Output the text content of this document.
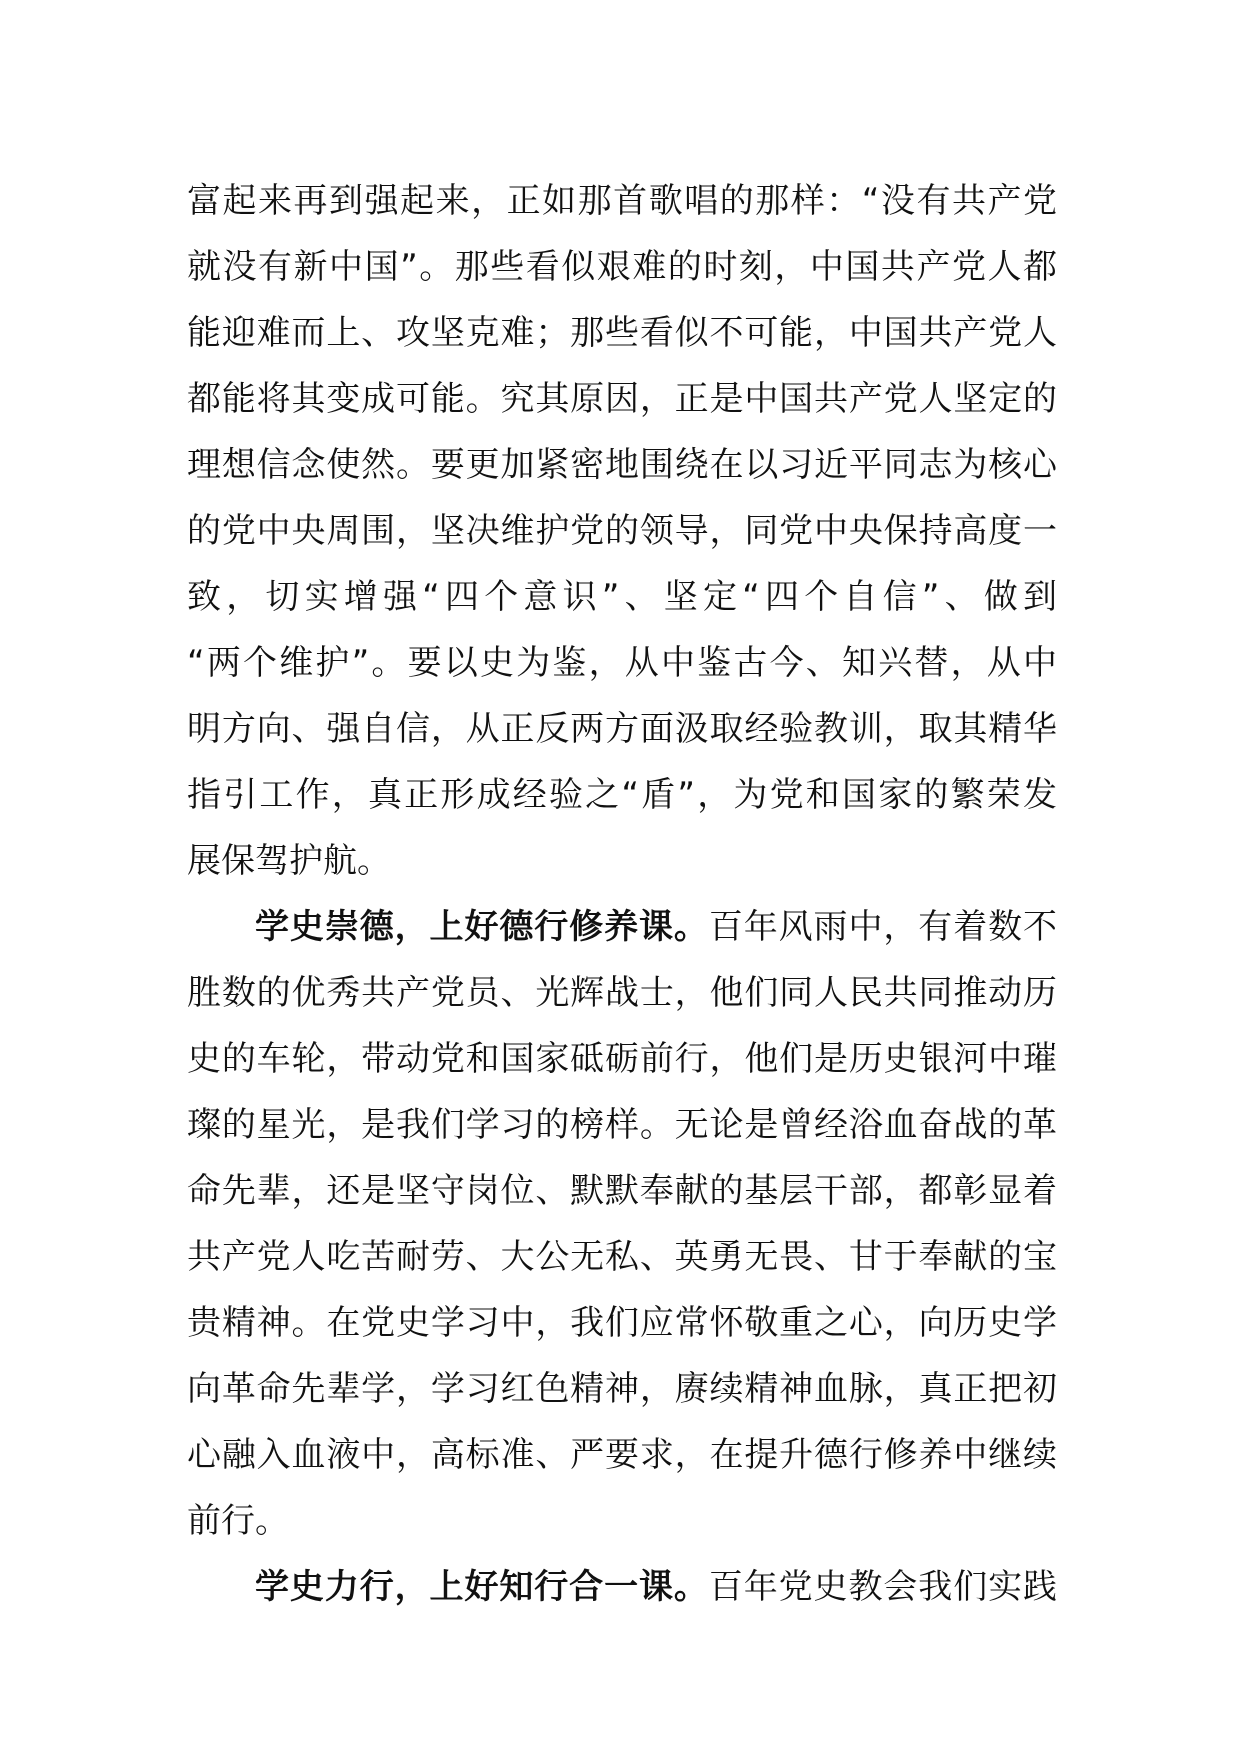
富起来再到强起来，正如那首歌唱的那样：“没有共产党
就没有新中国”。那些看似艰难的时刻，中国共产党人都
能迎难而上、攻坚克难；那些看似不可能，中国共产党人
都能将其变成可能。究其原因，正是中国共产党人坚定的
理想信念使然。要更加紧密地围绕在以习近平同志为核心
的党中央周围，坚决维护党的领导，同党中央保持高度一
致，切实增强“四个意识”、坚定“四个自信”、做到
“两个维护”。要以史为鉴，从中鉴古今、知兴替，从中
明方向、强自信，从正反两方面汲取经验教训，取其精华
指引工作，真正形成经验之“盾”，为党和国家的繁荣发
展保驾护航。
学史崇德，上好德行修养课。百年风雨中，有着数不
胜数的优秀共产党员、光辉战士，他们同人民共同推动历
史的车轮，带动党和国家砥砺前行，他们是历史银河中璀
璨的星光，是我们学习的榜样。无论是曾经浴血奋战的革
命先辈，还是坚守岗位、默默奉献的基层干部，都彰显着
共产党人吃苦耐劳、大公无私、英勇无畏、甘于奉献的宝
贵精神。在党史学习中，我们应常怀敬重之心，向历史学
向革命先辈学，学习红色精神，赓续精神血脉，真正把初
心融入血液中，高标准、严要求，在提升德行修养中继续
前行。
学史力行，上好知行合一课。百年党史教会我们实践
